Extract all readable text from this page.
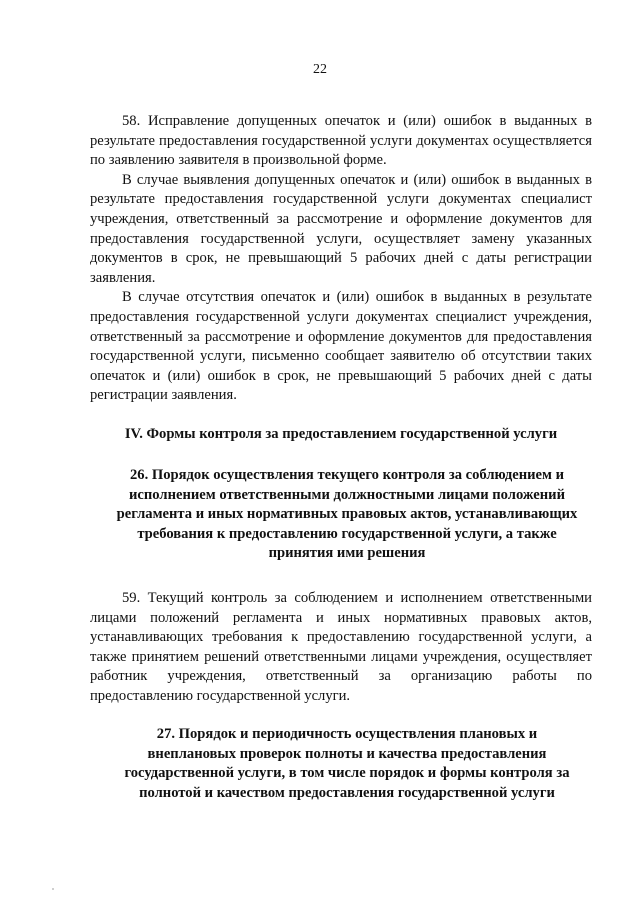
22

58. Исправление допущенных опечаток и (или) ошибок в выданных в результате предоставления государственной услуги документах осуществляется по заявлению заявителя в произвольной форме.

В случае выявления допущенных опечаток и (или) ошибок в выданных в результате предоставления государственной услуги документах специалист учреждения, ответственный за рассмотрение и оформление документов для предоставления государственной услуги, осуществляет замену указанных документов в срок, не превышающий 5 рабочих дней с даты регистрации заявления.

В случае отсутствия опечаток и (или) ошибок в выданных в результате предоставления государственной услуги документах специалист учреждения, ответственный за рассмотрение и оформление документов для предоставления государственной услуги, письменно сообщает заявителю об отсутствии таких опечаток и (или) ошибок в срок, не превышающий 5 рабочих дней с даты регистрации заявления.

IV. Формы контроля за предоставлением государственной услуги

26. Порядок осуществления текущего контроля за соблюдением и исполнением ответственными должностными лицами положений регламента и иных нормативных правовых актов, устанавливающих требования к предоставлению государственной услуги, а также принятия ими решения

59. Текущий контроль за соблюдением и исполнением ответственными лицами положений регламента и иных нормативных правовых актов, устанавливающих требования к предоставлению государственной услуги, а также принятием решений ответственными лицами учреждения, осуществляет работник учреждения, ответственный за организацию работы по предоставлению государственной услуги.

27. Порядок и периодичность осуществления плановых и внеплановых проверок полноты и качества предоставления государственной услуги, в том числе порядок и формы контроля за полнотой и качеством предоставления государственной услуги
